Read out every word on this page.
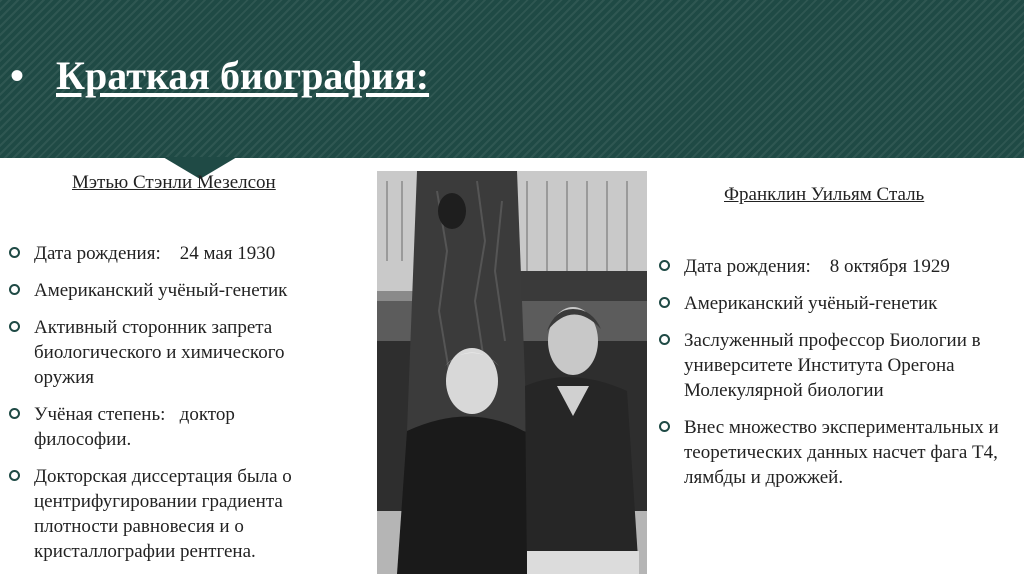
• Краткая биография:
Мэтью Стэнли Мезелсон
Дата рождения:    24 мая 1930
Американский учёный-генетик
Активный сторонник запрета биологического и химического оружия
Учёная степень:   доктор философии.
Докторская диссертация была о центрифугировании градиента плотности равновесия и о кристаллографии рентгена.
Франклин Уильям Сталь
Дата рождения:    8 октября 1929
Американский учёный-генетик
Заслуженный профессор Биологии в университете Института Орегона Молекулярной биологии
Внес множество экспериментальных и теоретических данных насчет фага Т4, лямбды и дрожжей.
